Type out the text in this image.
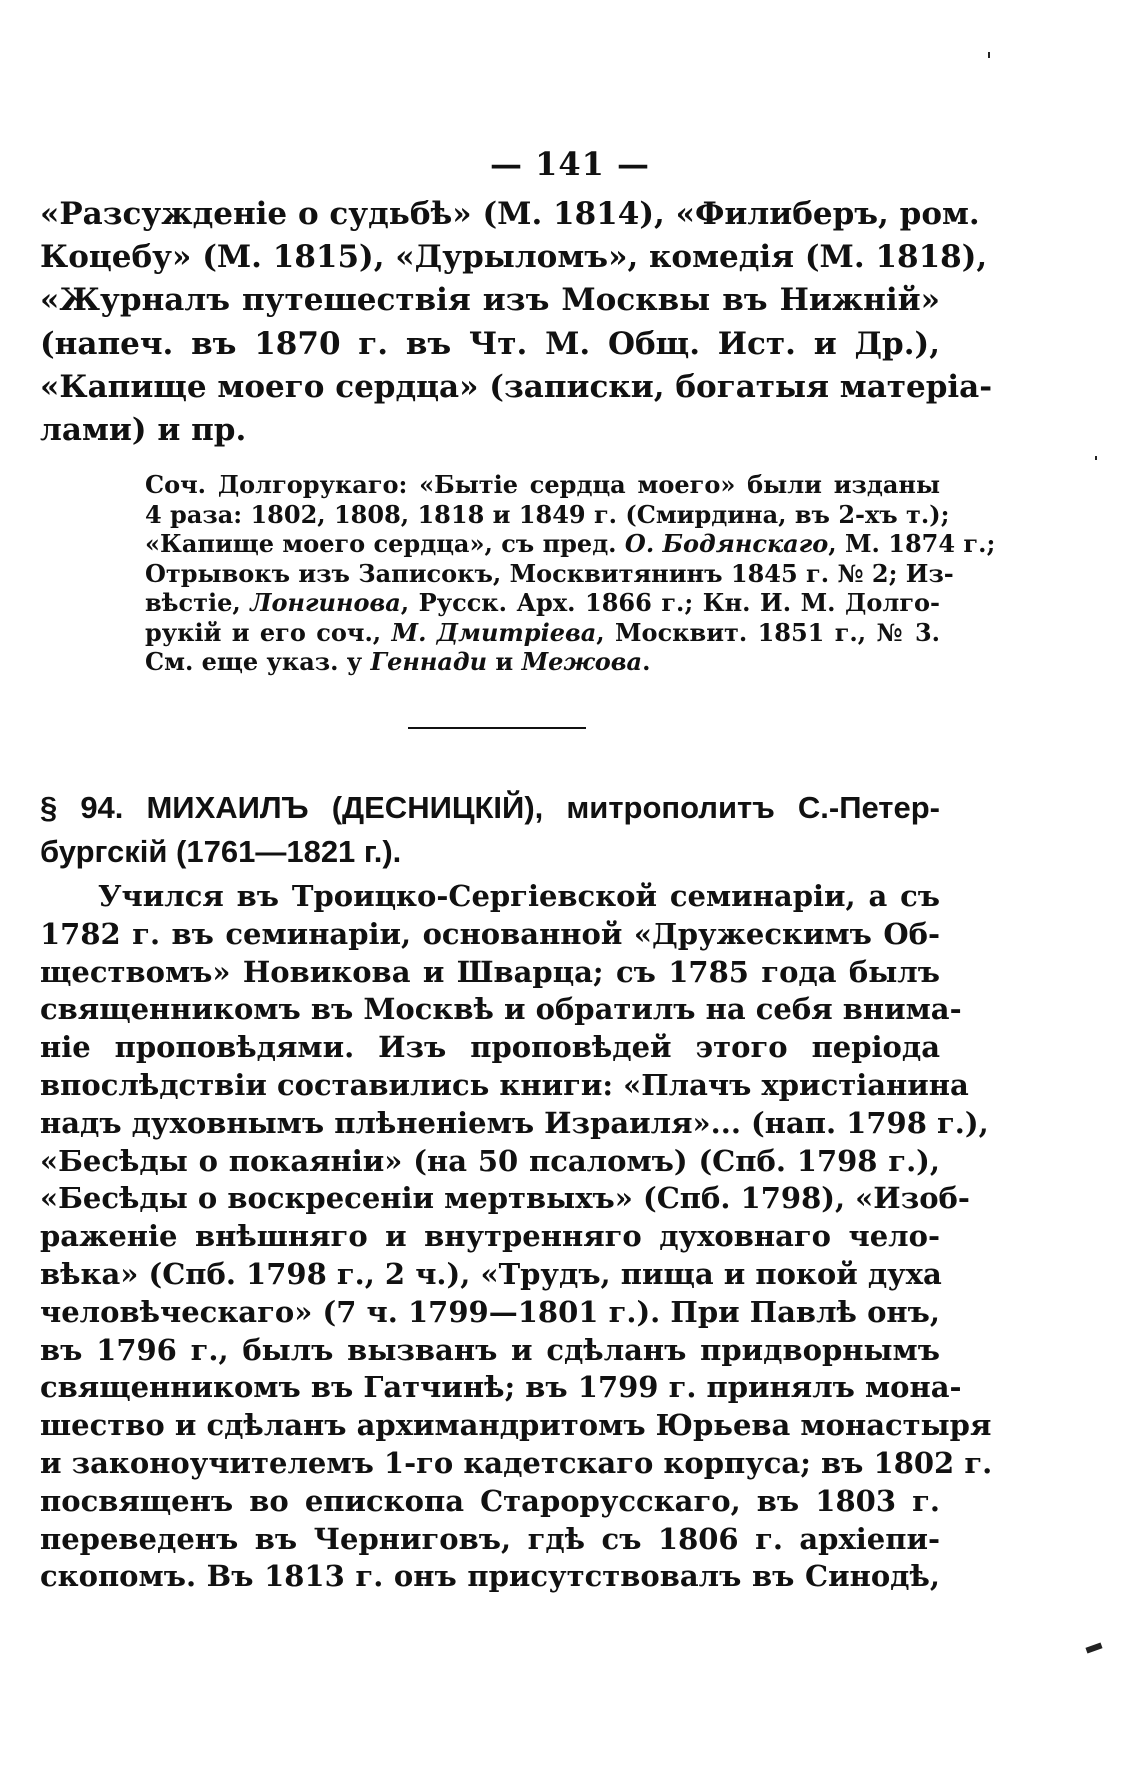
— 141 —
«Разсужденіе о судьбѣ» (М. 1814), «Филиберъ, ром.
Коцебу» (М. 1815), «Дурыломъ», комедія (М. 1818),
«Журналъ путешествія изъ Москвы въ Нижній»
(напеч. въ 1870 г. въ Чт. М. Общ. Ист. и Др.),
«Капище моего сердца» (записки, богатыя матеріа-
лами) и пр.
Соч. Долгорукаго: «Бытіе сердца моего» были изданы
4 раза: 1802, 1808, 1818 и 1849 г. (Смирдина, въ 2-хъ т.);
«Капище моего сердца», съ пред. О. Бодянскаго, М. 1874 г.;
Отрывокъ изъ Записокъ, Москвитянинъ 1845 г. № 2; Из-
вѣстіе, Лонгинова, Русск. Арх. 1866 г.; Кн. И. М. Долго-
рукій и его соч., М. Дмитріева, Москвит. 1851 г., № 3.
См. еще указ. у Геннади и Межова.
§ 94. МИХАИЛЪ (ДЕСНИЦКІЙ), митрополитъ С.-Петер-
бургскій (1761—1821 г.).
Учился въ Троицко-Сергіевской семинаріи, а съ
1782 г. въ семинаріи, основанной «Дружескимъ Об-
ществомъ» Новикова и Шварца; съ 1785 года былъ
священникомъ въ Москвѣ и обратилъ на себя внима-
ніе проповѣдями. Изъ проповѣдей этого періода
впослѣдствіи составились книги: «Плачъ христіанина
надъ духовнымъ плѣненіемъ Израиля»... (нап. 1798 г.),
«Бесѣды о покаяніи» (на 50 псаломъ) (Спб. 1798 г.),
«Бесѣды о воскресеніи мертвыхъ» (Спб. 1798), «Изоб-
раженіе внѣшняго и внутренняго духовнаго чело-
вѣка» (Спб. 1798 г., 2 ч.), «Трудъ, пища и покой духа
человѣческаго» (7 ч. 1799—1801 г.). При Павлѣ онъ,
въ 1796 г., былъ вызванъ и сдѣланъ придворнымъ
священникомъ въ Гатчинѣ; въ 1799 г. принялъ мона-
шество и сдѣланъ архимандритомъ Юрьева монастыря
и законоучителемъ 1-го кадетскаго корпуса; въ 1802 г.
посвященъ во епископа Старорусскаго, въ 1803 г.
переведенъ въ Черниговъ, гдѣ съ 1806 г. архіепи-
скопомъ. Въ 1813 г. онъ присутствовалъ въ Синодѣ,
